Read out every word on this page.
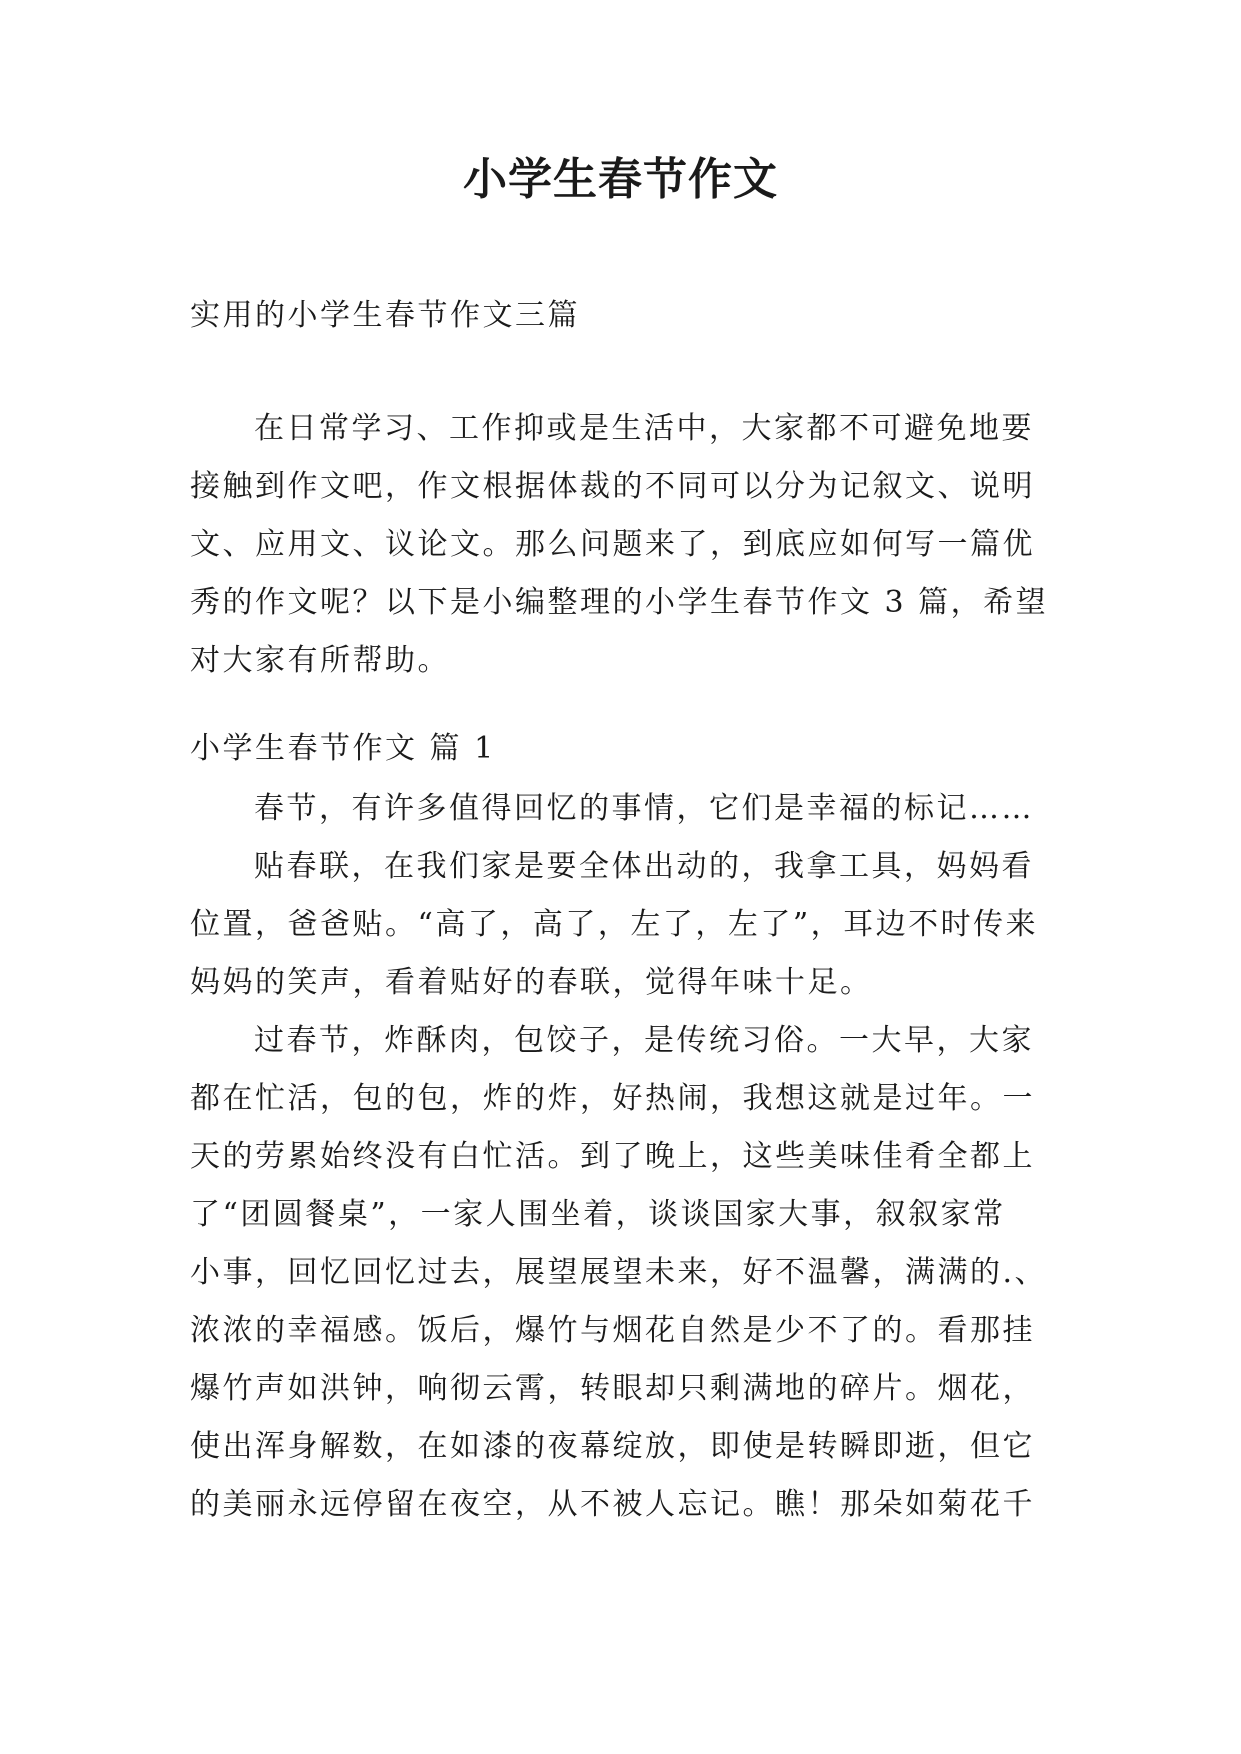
小学生春节作文
实用的小学生春节作文三篇
在日常学习、工作抑或是生活中，大家都不可避免地要
接触到作文吧，作文根据体裁的不同可以分为记叙文、说明
文、应用文、议论文。那么问题来了，到底应如何写一篇优
秀的作文呢？以下是小编整理的小学生春节作文 3 篇，希望
对大家有所帮助。
小学生春节作文 篇 1
春节，有许多值得回忆的事情，它们是幸福的标记……
贴春联，在我们家是要全体出动的，我拿工具，妈妈看
位置，爸爸贴。“高了，高了，左了，左了”，耳边不时传来
妈妈的笑声，看着贴好的春联，觉得年味十足。
过春节，炸酥肉，包饺子，是传统习俗。一大早，大家
都在忙活，包的包，炸的炸，好热闹，我想这就是过年。一
天的劳累始终没有白忙活。到了晚上，这些美味佳肴全都上
了“团圆餐桌”，一家人围坐着，谈谈国家大事，叙叙家常
小事，回忆回忆过去，展望展望未来，好不温馨，满满的.、
浓浓的幸福感。饭后，爆竹与烟花自然是少不了的。看那挂
爆竹声如洪钟，响彻云霄，转眼却只剩满地的碎片。烟花，
使出浑身解数，在如漆的夜幕绽放，即使是转瞬即逝，但它
的美丽永远停留在夜空，从不被人忘记。瞧！那朵如菊花千
